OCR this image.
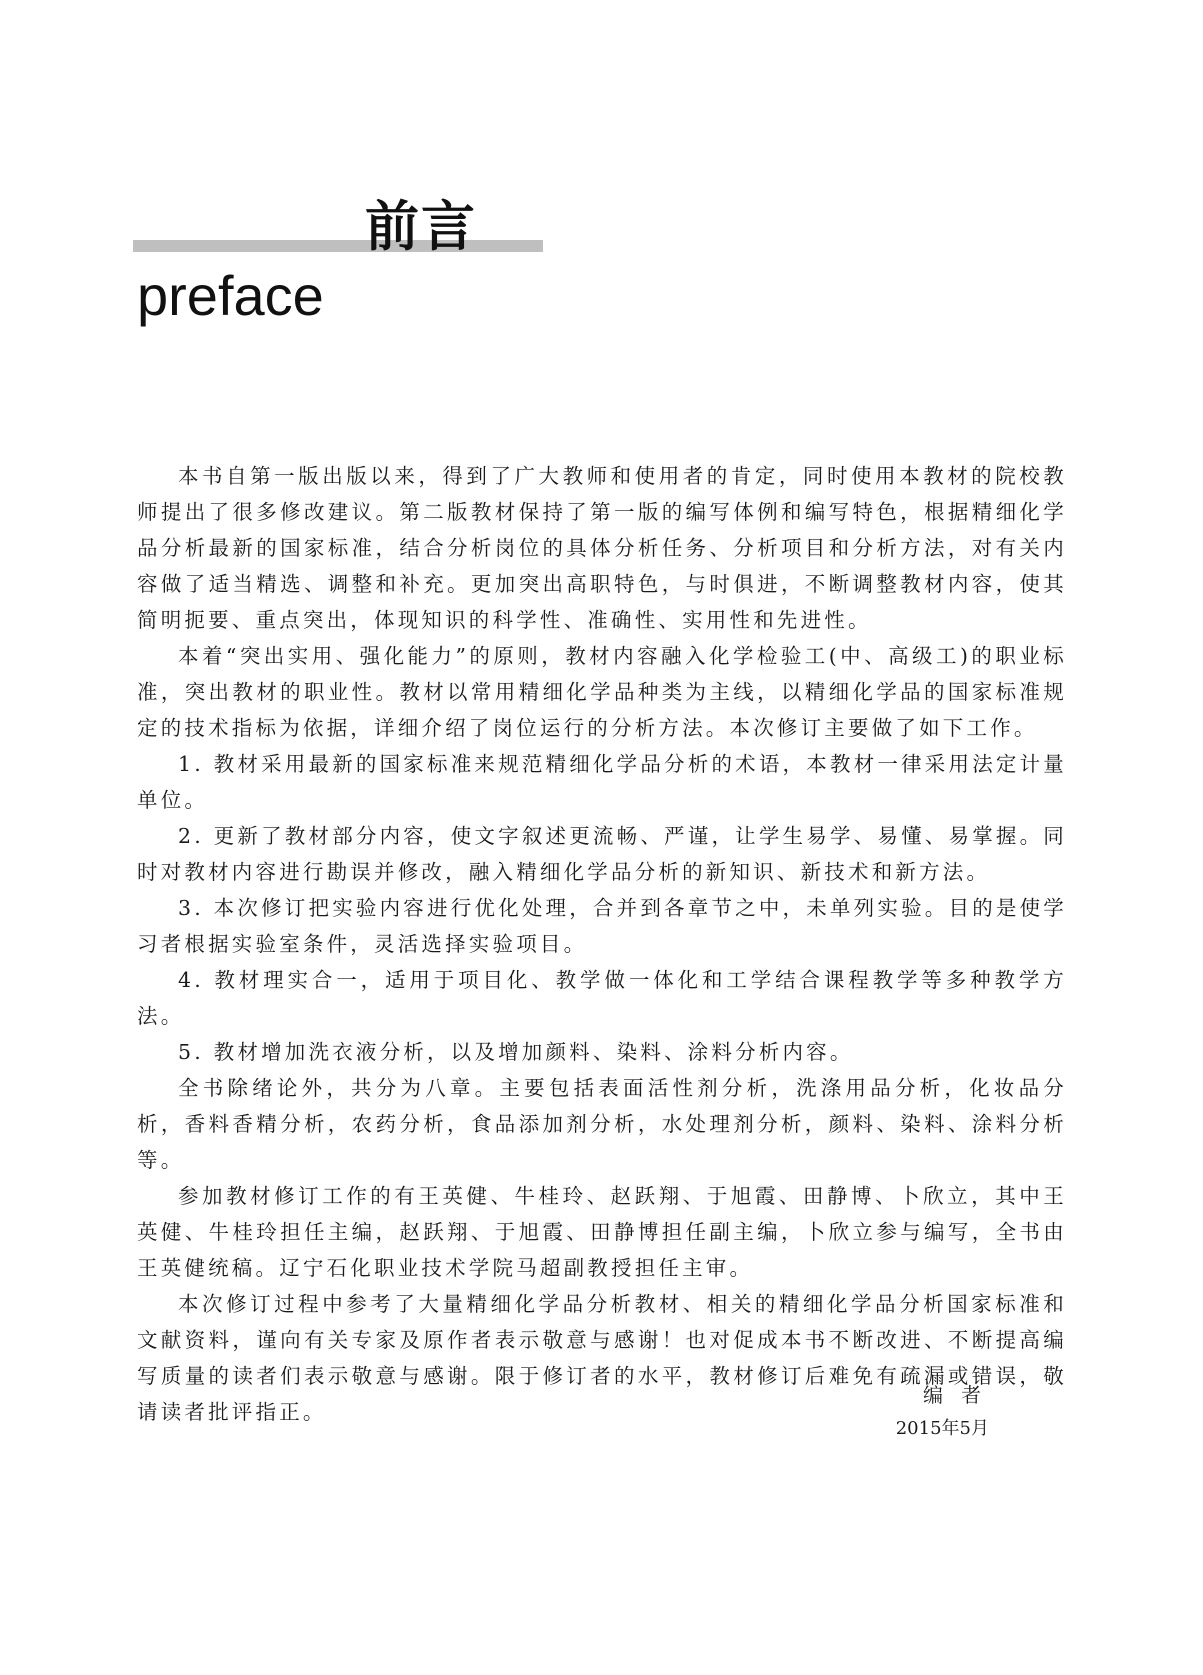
前言
preface

本书自第一版出版以来，得到了广大教师和使用者的肯定，同时使用本教材的院校教师提出了很多修改建议。第二版教材保持了第一版的编写体例和编写特色，根据精细化学品分析最新的国家标准，结合分析岗位的具体分析任务、分析项目和分析方法，对有关内容做了适当精选、调整和补充。更加突出高职特色，与时俱进，不断调整教材内容，使其简明扼要、重点突出，体现知识的科学性、准确性、实用性和先进性。

本着“突出实用、强化能力”的原则，教材内容融入化学检验工(中、高级工)的职业标准，突出教材的职业性。教材以常用精细化学品种类为主线，以精细化学品的国家标准规定的技术指标为依据，详细介绍了岗位运行的分析方法。本次修订主要做了如下工作。

1. 教材采用最新的国家标准来规范精细化学品分析的术语，本教材一律采用法定计量单位。

2. 更新了教材部分内容，使文字叙述更流畅、严谨，让学生易学、易懂、易掌握。同时对教材内容进行勘误并修改，融入精细化学品分析的新知识、新技术和新方法。

3. 本次修订把实验内容进行优化处理，合并到各章节之中，未单列实验。目的是使学习者根据实验室条件，灵活选择实验项目。

4. 教材理实合一，适用于项目化、教学做一体化和工学结合课程教学等多种教学方法。

5. 教材增加洗衣液分析，以及增加颜料、染料、涂料分析内容。

全书除绪论外，共分为八章。主要包括表面活性剂分析，洗涤用品分析，化妆品分析，香料香精分析，农药分析，食品添加剂分析，水处理剂分析，颜料、染料、涂料分析等。

参加教材修订工作的有王英健、牛桂玲、赵跃翔、于旭霞、田静博、卜欣立，其中王英健、牛桂玲担任主编，赵跃翔、于旭霞、田静博担任副主编，卜欣立参与编写，全书由王英健统稿。辽宁石化职业技术学院马超副教授担任主审。

本次修订过程中参考了大量精细化学品分析教材、相关的精细化学品分析国家标准和文献资料，谨向有关专家及原作者表示敬意与感谢！也对促成本书不断改进、不断提高编写质量的读者们表示敬意与感谢。限于修订者的水平，教材修订后难免有疏漏或错误，敬请读者批评指正。

编者
2015年5月
